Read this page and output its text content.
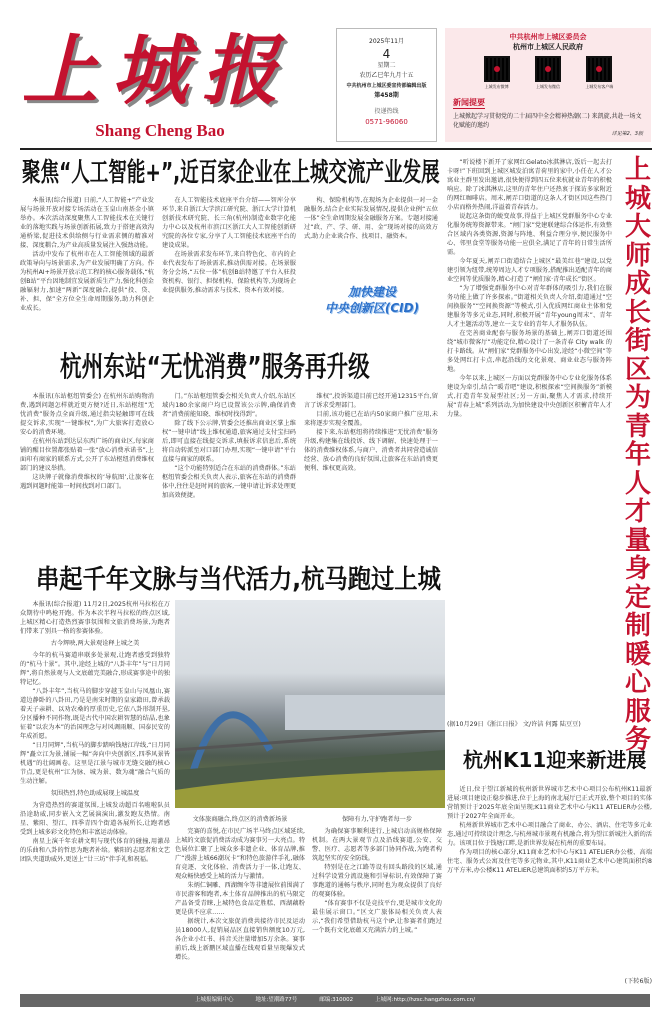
上城报
Shang Cheng Bao
2025年11月
4
星期二
农历乙巳年九月十五
中共杭州市上城区委宣传部编辑出版
第458期
投递热线
0571-96060
中共杭州市上城区委员会
杭州市上城区人民政府
上城发布微博	上城发布微信	上城发布客户端
新闻提要
上城掀起学习贯彻党的二十届四中全会精神热潮(二) 来凯旋,共赴一场文化赋能的邀约
详见第2、3版
聚焦“人工智能+”,近百家企业在上城交流产业发展

本报讯(综合报道) 日前,“人工智能+”产业发展与场景开放对接专场活动在玉皇山南基金小镇举办。本次活动深度聚焦人工智能技术在关键行业的落地实践与场景创新拓展,致力于搭建高效沟通桥梁,促进技术供给侧与行业需求侧的精准对接、深度耦合,为产业高质量发展注入强劲动能。

活动中发布了杭州市在人工智能领域的最新政策导向与场景需求,为产业发展明确了方向。作为杭州AI+场景开放示范工程的核心服务载体,“杭创B站”平台因地制宜发展新质生产力,强化科创金融辐射力,加速“两新”深度融合,提供“投、贷、补、担、保”全方位全生命周期服务,助力科创企业成长。

在人工智能技术底座平台介绍——智库分享环节,来自浙江大学滨江研究院、浙江大学计算机创新技术研究院、长三角(杭州)制造业数字化能力中心以及杭州市滨江区浙江大人工智能创新研究院的各位专家,分享了人工智能技术底座平台的建设成果。

在场景需求发布环节,来自特色化、市内的企业代表发布了场景需求,推动供需对接。在场景服务分会场,“五位一体”杭创B站特邀了平台入驻投资机构、银行、担保机构、保险机构等,为现场企业提供服务,推动需求与技术、资本有效对接。

构、保险机构等,在现场为企业提供一对一金融服务,结合企业实际发展情况,提供企业例“五位一体”全生命周期发展金融服务方案。专题对接通过“政、产、学、研、用、金”现场对接的高效方式,助力企业谈合作、找项目、融资本。

加快建设
中央创新区(CID)
杭州东站“无忧消费”服务再升级

本报讯(东站枢纽管委会) 在杭州东站购物消费,遇到问题怎样就近更方便?近日,东站枢纽“无忧消费”服务点全面升级,通过指尖轻触即可在线提交诉求,实现“一键维权”,为广大旅客打造放心安心的消费环境。

在杭州东站到达层东西广场的商业区,每家商铺的醒目位置都张贴着一张“放心消费承诺书”,上面印有商家的联系方式,公开了东站枢纽消费维权部门的建议举措。

这块牌子就像消费维权的‘导航图’,让旅客在遇到问题时能第一时间找到对口部门。

门。”东站枢纽管委会相关负责人介绍,东站区域内180余家商户均已设置该公示牌,确保消费者“消费前能知晓、维权时找得到”。

除了线下公示牌,管委会还推出商业区掌上维权“一键申请”线上维权通道,旅客通过支付宝扫码后,即可直接在线提交诉求,填报诉求信息后,系统将自动转派至对口部门办理,实现“一键申请”平台直接与商家的联系。

“这个功能特别适合在东站的消费群体。”东站枢纽管委会相关负责人表示,旅客在东站的消费群体中,往往是赶时间的旅客,一键申请让诉求处理更加高效便捷。

维权”,投诉渠道目前已经开通12315平台,留言了诉求受理部门。

目前,该功能已在站内50家商户推广应用,未来将逐步实现全覆盖。

接下来,东站枢纽将持续推进“无忧消费”服务升级,构建集在线投诉、线下调解、快速处理于一体的消费维权体系,与商户、消费者共同营造诚信经营、放心消费的良好氛围,让旅客在东站消费更便利、维权更高效。

串起千年文脉与当代活力,杭马跑过上城

本报讯(综合报道) 11月2日,2025杭州马拉松在万众期待中鸣枪开跑。作为本次半程马拉松的终点区域,上城区精心打造热烈赛事氛围和文旅消费场景,为跑者们带来了别具一格的参赛体验。

古今辉映,两大景观诠释上城之美

今年的杭马赛道串联多处景观,让跑者感受到独特的“杭马十景”。其中,途经上城的“八卦丰年”与“日月同辉”,将自然景观与人文底蕴完美融合,形成赛事途中的独特记忆。

“八卦丰年”,当杭马的脚步穿越玉皇山与凤凰山,赛道边静卧的八卦田,乃是是南宋时期的皇家籍田,曾承载着天子亲耕、以劝农桑的厚重历史,它依八卦形制开垦,分区播种不同作物,既是古代中国农耕智慧的结晶,也象征着“以农为本”的治国理念与对风调雨顺、国泰民安的年成祈愿。

“日月同辉”,当杭马的脚步踏响钱塘江岸线,“日月同辉”矗立江为景,铺展一幅“奔向中央创新区,四季风景皆机遇”的壮阔画卷。这里是江景与城市无缝交融的核心节点,更是杭州“江为脉、城为景、数为魂”融合气质的生动注解。

氛围热烈,特色助威展现上城温度

为营造热烈的赛道氛围,上城发动超百名啦啦队员沿途助威,同步嵌入文艺展演演出,激发跑友热情。南星、紫阳、望江、四季青四个街道各展所长,让跑者感受到上城多彩文化特色和丰富运动体验。

南星上演千年农耕文明与现代体育的碰撞,用激昂的乐曲和八卦的哲思为跑者补给。紫阳的志愿者和文艺团队夹道助威外,更送上“廿三坊”伴手礼和祝福。

文体旅商融合,终点区的消费新场景

完赛的喜悦,在市民广场半马终点区域延续,上城的文旅促消费活动成为赛事另一大亮点。特色展位汇聚了上城众多非遗企业、体育品牌,推广“漫游上城66潮玩卡”和特色旅游伴手礼,融体育竞逐、文化体验、消费活力于一体,让跑友、观众畅快感受上城的活力与激情。

朱炳仁铜雕、西湖绸伞等非遗展位前围满了市民游客和跑者,本土体育品牌推出的杭马限定产品备受青睐,上城特色食品定胜糕、西湖藕粉更是供不应求……

据统计,本次文旅促消费共接待市民及运动员18000人,促销展品区直接销售额度10万元,各企业小红书、抖音关注量增加5万余条。赛事前后,线上新鹏区域直播在线观看量呈现爆发式增长。

保障有力,守护跑者每一步

为确保赛事顺利进行,上城启动高规格保障机制。在两大景观节点及沿线赛道,公安、交警、医疗、志愿者等多部门协同作战,为跑者构筑起坚实的安全防线。

特别是在之江路等设有回头路段的区域,通过科学设置分流设施和引导标识,有效保障了赛事跑道的通畅与秩序,同时也为观众提供了良好的观赛体验。

“体育赛事不仅是竞技平台,更是城市文化的最佳展示窗口。”区文广旅体局相关负责人表示,“我们希望借助杭马这个IP,让参赛者们跑过一个既有文化底蕴又充满活力的上城。”

“听说楼下新开了家网红Gelato冰淇淋店,饭后一起去打卡呀!”下班回到上城区城发泊寓青荷里的家中,小任在人才公寓业主群里发出邀请,很快便得到四五位来杭就业青年的积极响应。除了冰淇淋店,这里的青年住户还热衷于探访多家附近的网红咖啡店。周末,闸弄口街道的这条人才街区因这些热门小店而格外热闹,洋溢着青春活力。

说起这条街的蜕变故事,得益于上城区党群服务中心专业化服务统筹资源带来。“闸门家”党建联建综合体运作,有效整合区域内各类资源,资源与阵地、利益合理分享,便民服务中心、邻里食堂等服务功能一应俱全,满足了青年的日常生活所需。

今年夏天,闸弄口街道结合上城区“最美红巷”建设,以党建引领为纽带,统筹周边人才专项服务,搭配推出适配青年的商业空间等优质服务,精心打造了“闸们家·青年成长”街区。

“为了增强党群服务中心对青年群体的吸引力,我们在服务功能上做了许多探索。”街道相关负责人介绍,街道通过“空间换服务”“空间换资源”等模式,引入优质网红商业主体和党建服务等多元业态,同时,积极开展“青年young周末”、青年人才主题活动等,建立一支专业的青年人才服务队伍。

在完善商业配套与服务场景的基础上,闸弄口街道还围绕“城市微客厅”功能定位,精心设计了一条青春 City walk 的打卡路线。从“闸们家”党群服务中心出发,途经“小微空间”等多处网红打卡点,串起沿线的文化景观、商业业态与服务阵地。

今年以来,上城区一方面以党群服务中心专业化服务体系建设为牵引,结合“暖青吧”建设,积极探索“空间换服务”新模式,打造青年发展型社区;另一方面,聚焦人才需求,持续开展“青春上城”系列活动,为加快建设中央创新区积蓄青年人才力量。

(据10月29日《浙江日报》 文/许洁 何露 陆豆豆)
上城大师成长街区为青年人才量身定制暖心服务
杭州K11迎来新进展

近日,位于望江新城的杭州新世界城市艺术中心项目公布杭州K11最新进展:项目建设正稳步推进,位于上海的南北展厅已正式开放,整个项目的实体营销预计于2025年底全面呈现;K11商业艺术中心与K11 ATELIER办公楼,预计于2027年全面开业。

杭州新世界城市艺术中心项目融合了商业、办公、酒店、住宅等多元业态,通过可持续设计理念,与杭州城市景观有机融合,将为望江新城注入新的活力。该项目位于钱塘江畔,是新世界发展在杭州的重要布局。

作为项目的核心部分,K11商业艺术中心与K11 ATELIER办公楼、高端住宅、服务式公寓及住宅等多元物业,其中,K11商业艺术中心建筑面积约8万平方米,办公楼K11 ATELIER总建筑面积约5万平方米。

(下转6版)
上城报编辑中心	地址:望潮路77号	邮编:310002	上城网:http://hzsc.hangzhou.com.cn/
